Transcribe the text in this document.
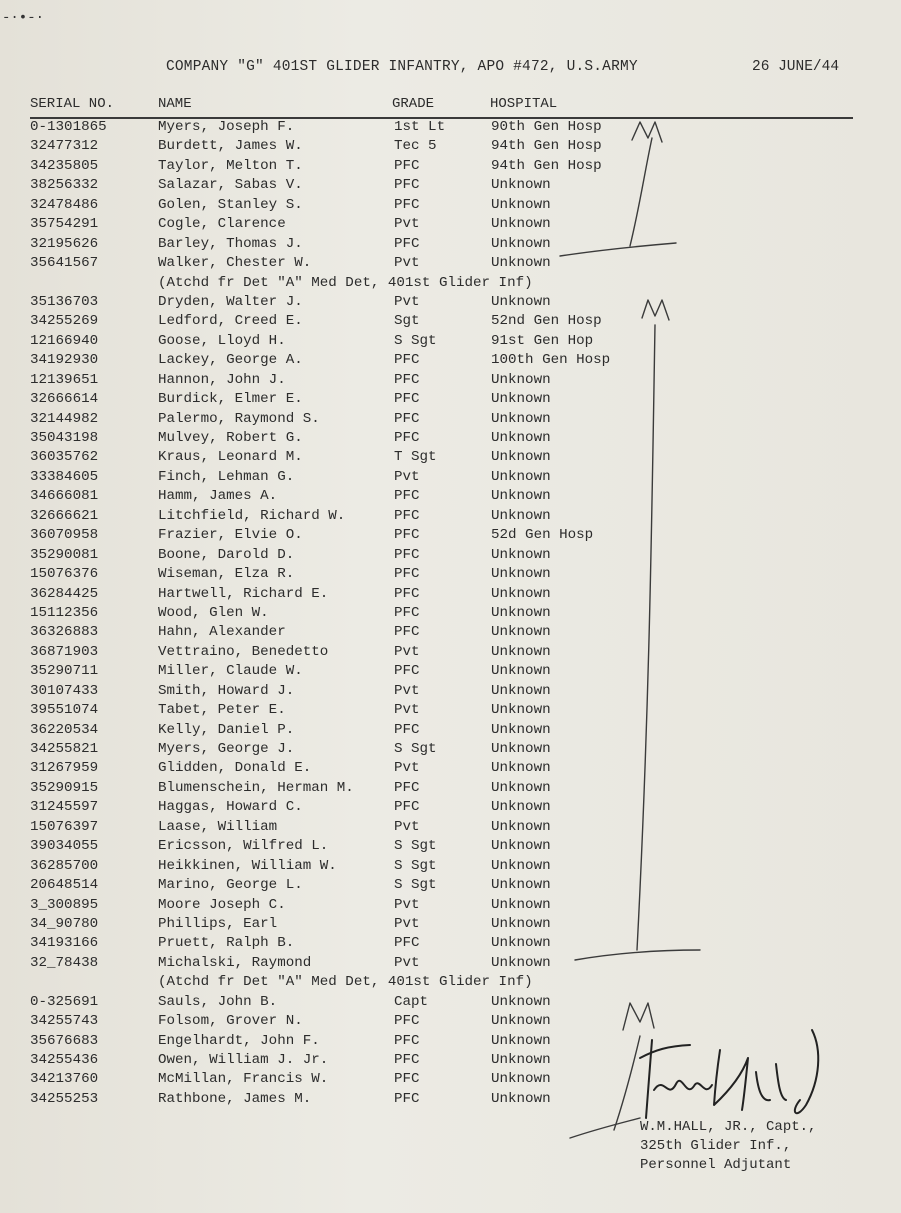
-·•-·
COMPANY "G" 401ST GLIDER INFANTRY, APO #472, U.S.ARMY	26 JUNE/44
SERIAL NO.	NAME	GRADE	HOSPITAL
0-1301865	Myers, Joseph F.	1st Lt	90th Gen Hosp
32477312	Burdett, James W.	Tec 5	94th Gen Hosp
34235805	Taylor, Melton T.	PFC	94th Gen Hosp
38256332	Salazar, Sabas V.	PFC	Unknown
32478486	Golen, Stanley S.	PFC	Unknown
35754291	Cogle, Clarence	Pvt	Unknown
32195626	Barley, Thomas J.	PFC	Unknown
35641567	Walker, Chester W.	Pvt	Unknown
(Atchd fr Det "A" Med Det, 401st Glider Inf)
35136703	Dryden, Walter J.	Pvt	Unknown
34255269	Ledford, Creed E.	Sgt	52nd Gen Hosp
12166940	Goose, Lloyd H.	S Sgt	91st Gen Hop
34192930	Lackey, George A.	PFC	100th Gen Hosp
12139651	Hannon, John J.	PFC	Unknown
32666614	Burdick, Elmer E.	PFC	Unknown
32144982	Palermo, Raymond S.	PFC	Unknown
35043198	Mulvey, Robert G.	PFC	Unknown
36035762	Kraus, Leonard M.	T Sgt	Unknown
33384605	Finch, Lehman G.	Pvt	Unknown
34666081	Hamm, James A.	PFC	Unknown
32666621	Litchfield, Richard W.	PFC	Unknown
36070958	Frazier, Elvie O.	PFC	52d Gen Hosp
35290081	Boone, Darold D.	PFC	Unknown
15076376	Wiseman, Elza R.	PFC	Unknown
36284425	Hartwell, Richard E.	PFC	Unknown
15112356	Wood, Glen W.	PFC	Unknown
36326883	Hahn, Alexander	PFC	Unknown
36871903	Vettraino, Benedetto	Pvt	Unknown
35290711	Miller, Claude W.	PFC	Unknown
30107433	Smith, Howard J.	Pvt	Unknown
39551074	Tabet, Peter E.	Pvt	Unknown
36220534	Kelly, Daniel P.	PFC	Unknown
34255821	Myers, George J.	S Sgt	Unknown
31267959	Glidden, Donald E.	Pvt	Unknown
35290915	Blumenschein, Herman M.	PFC	Unknown
31245597	Haggas, Howard C.	PFC	Unknown
15076397	Laase, William	Pvt	Unknown
39034055	Ericsson, Wilfred L.	S Sgt	Unknown
36285700	Heikkinen, William W.	S Sgt	Unknown
20648514	Marino, George L.	S Sgt	Unknown
3_300895	Moore Joseph C.	Pvt	Unknown
34_90780	Phillips, Earl	Pvt	Unknown
34193166	Pruett, Ralph B.	PFC	Unknown
32_78438	Michalski, Raymond	Pvt	Unknown
(Atchd fr Det "A" Med Det, 401st Glider Inf)
0-325691	Sauls, John B.	Capt	Unknown
34255743	Folsom, Grover N.	PFC	Unknown
35676683	Engelhardt, John F.	PFC	Unknown
34255436	Owen, William J. Jr.	PFC	Unknown
34213760	McMillan, Francis W.	PFC	Unknown
34255253	Rathbone, James M.	PFC	Unknown
W.M.HALL, JR., Capt.,
325th Glider Inf.,
Personnel Adjutant
